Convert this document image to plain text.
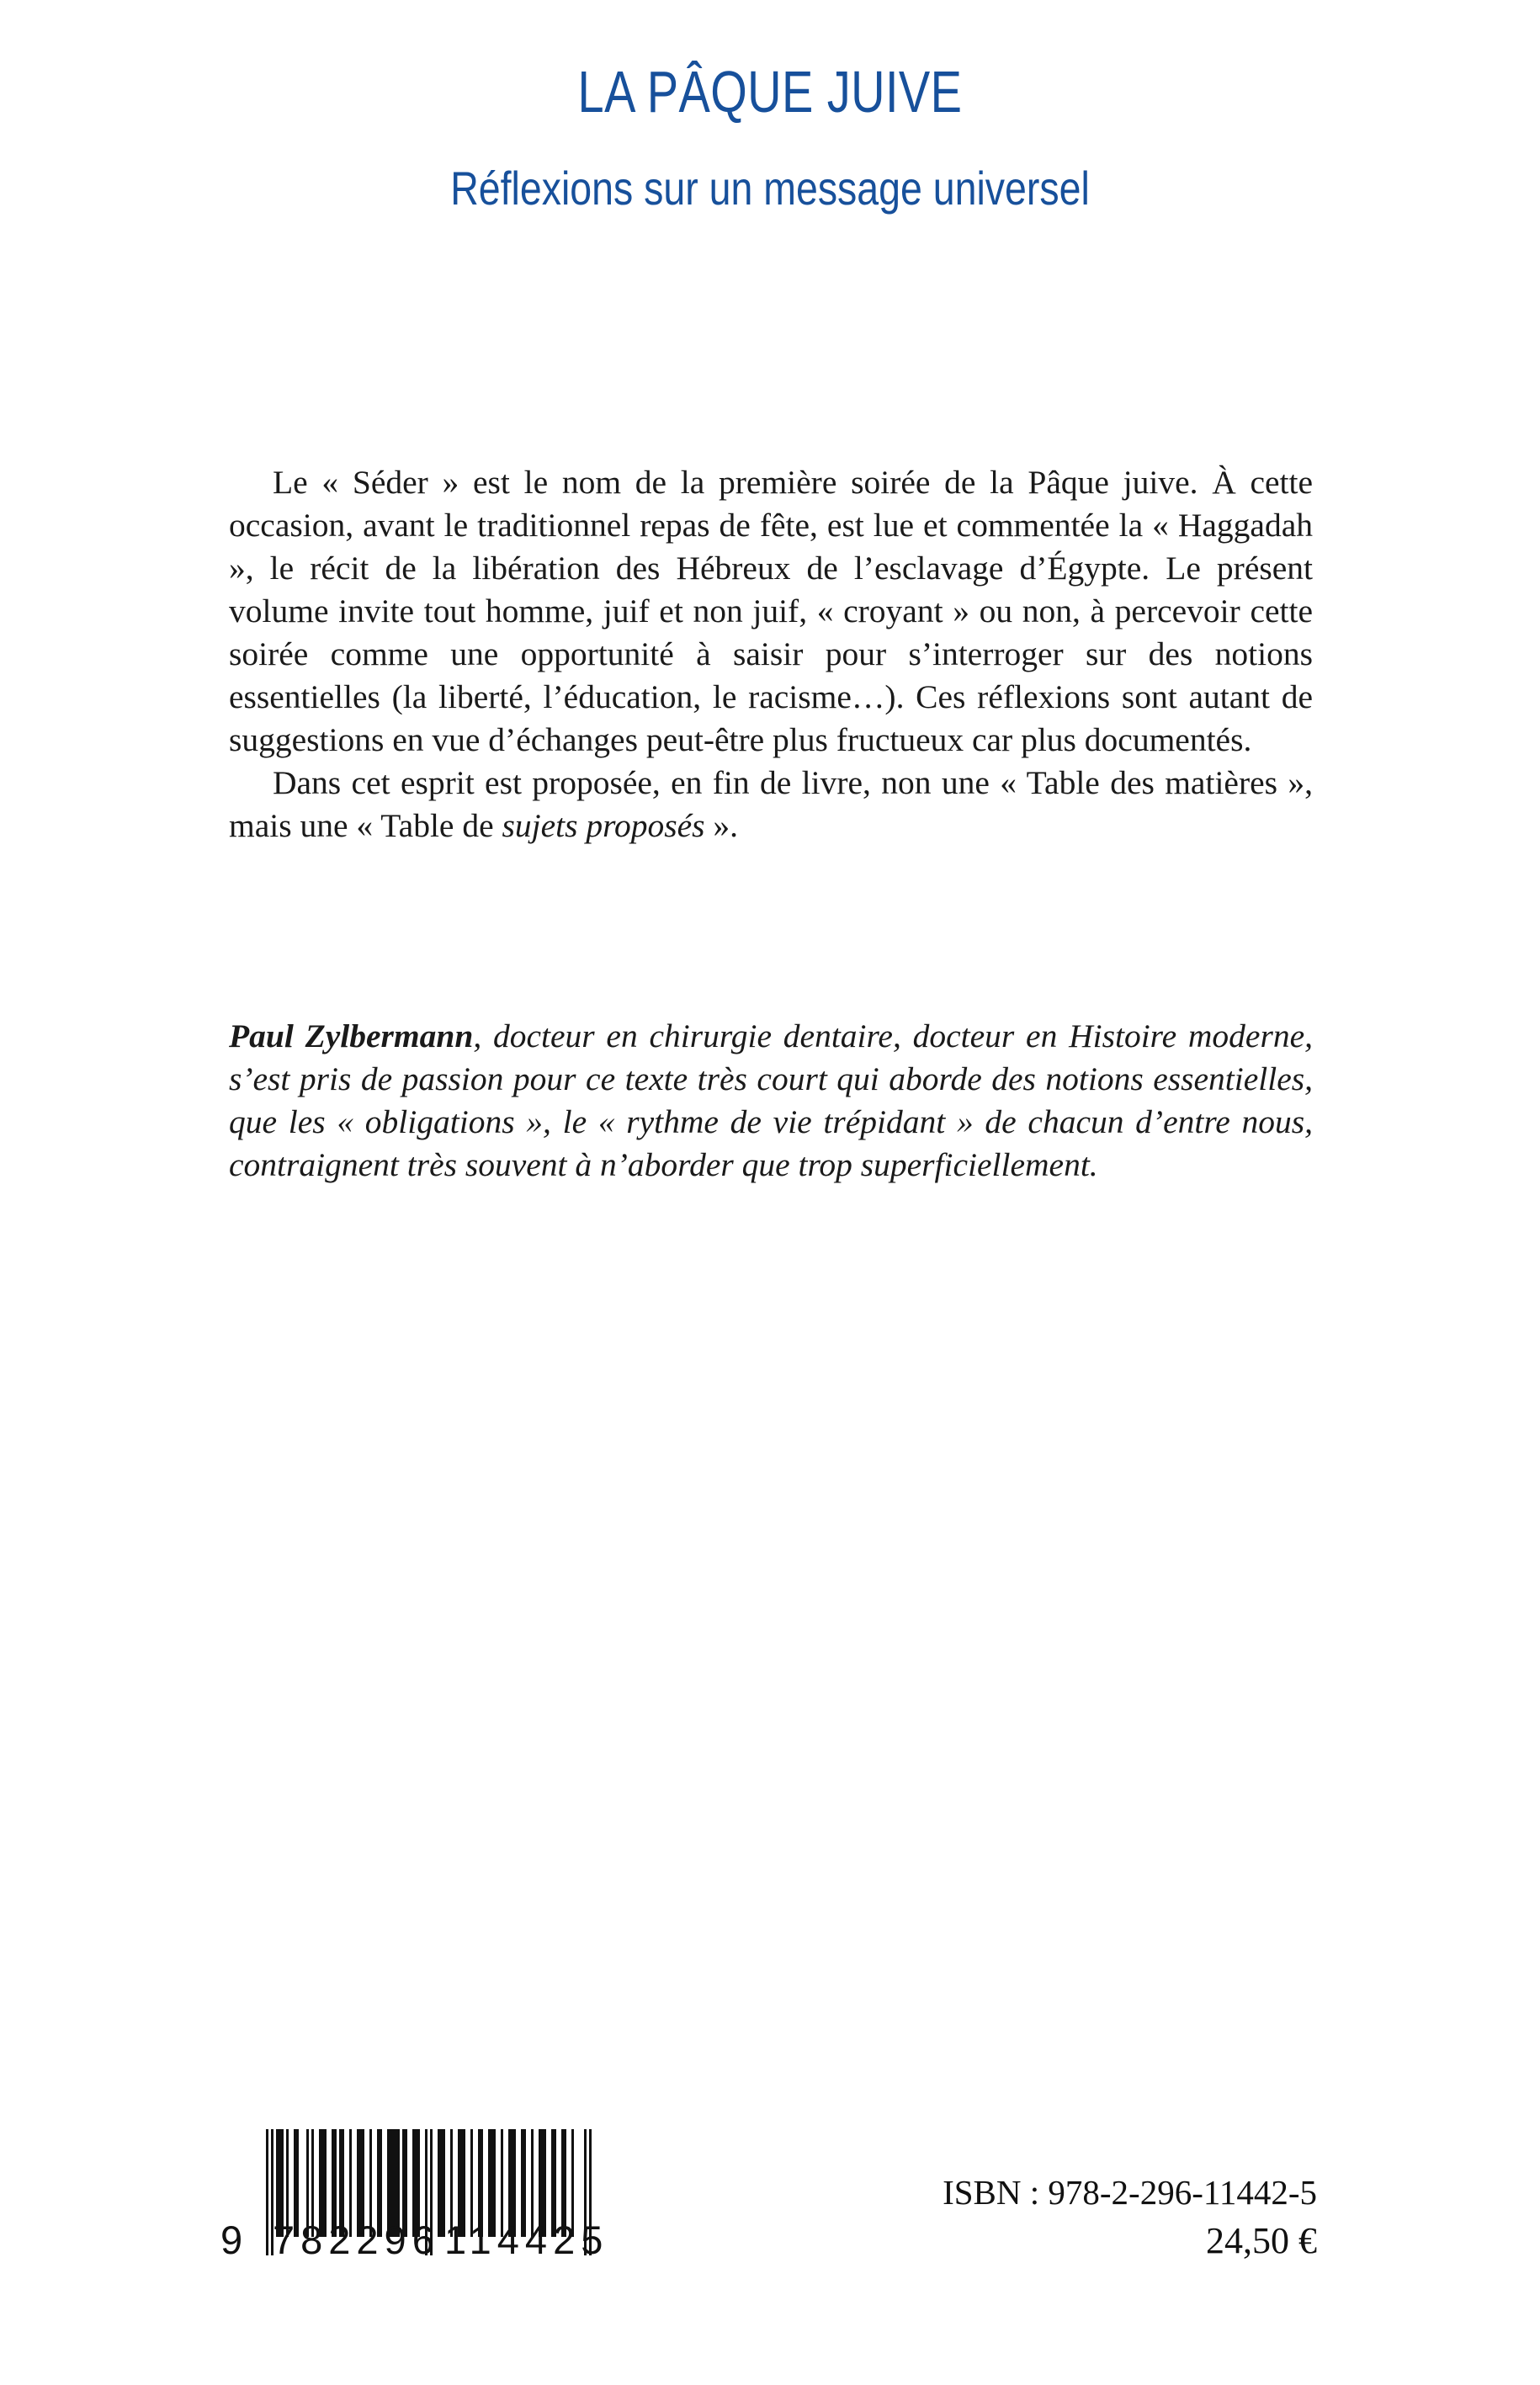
LA PÂQUE JUIVE
Réflexions sur un message universel

Le « Séder » est le nom de la première soirée de la Pâque juive. À cette occasion, avant le traditionnel repas de fête, est lue et commentée la « Haggadah », le récit de la libération des Hébreux de l’esclavage d’Égypte. Le présent volume invite tout homme, juif et non juif, « croyant » ou non, à percevoir cette soirée comme une opportunité à saisir pour s’interroger sur des notions essentielles (la liberté, l’éducation, le racisme…). Ces réflexions sont autant de suggestions en vue d’échanges peut-être plus fructueux car plus documentés.

Dans cet esprit est proposée, en fin de livre, non une « Table des matières », mais une « Table de sujets proposés ».

Paul Zylbermann, docteur en chirurgie dentaire, docteur en Histoire moderne, s’est pris de passion pour ce texte très court qui aborde des notions essentielles, que les « obligations », le « rythme de vie trépidant » de chacun d’entre nous, contraignent très souvent à n’aborder que trop superficiellement.

9 782296 114425
ISBN : 978-2-296-11442-5
24,50 €
